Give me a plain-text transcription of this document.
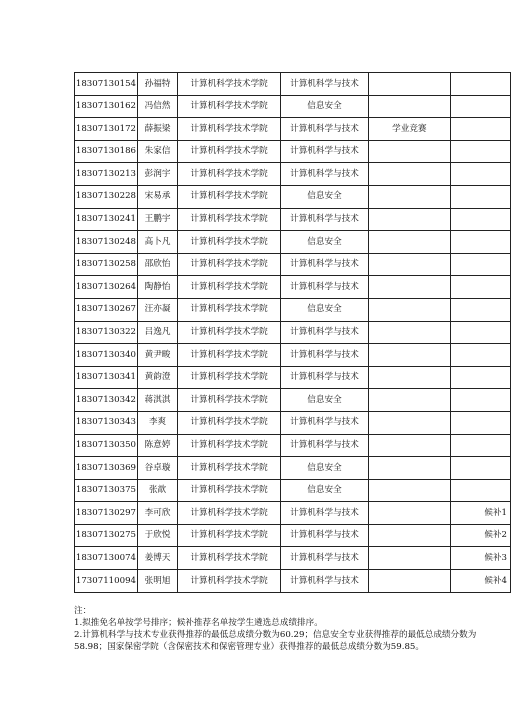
18307130154	孙福特	计算机科学技术学院	计算机科学与技术		
18307130162	冯信然	计算机科学技术学院	信息安全		
18307130172	薛振梁	计算机科学技术学院	计算机科学与技术	学业竞赛	
18307130186	朱家信	计算机科学技术学院	计算机科学与技术		
18307130213	彭润宇	计算机科学技术学院	计算机科学与技术		
18307130228	宋易承	计算机科学技术学院	信息安全		
18307130241	王鹏宇	计算机科学技术学院	计算机科学与技术		
18307130248	高卜凡	计算机科学技术学院	信息安全		
18307130258	邵欣怡	计算机科学技术学院	计算机科学与技术		
18307130264	陶静怡	计算机科学技术学院	计算机科学与技术		
18307130267	汪亦凝	计算机科学技术学院	信息安全		
18307130322	吕逸凡	计算机科学技术学院	计算机科学与技术		
18307130340	黄尹畯	计算机科学技术学院	计算机科学与技术		
18307130341	黄韵澄	计算机科学技术学院	计算机科学与技术		
18307130342	蒋淇淇	计算机科学技术学院	信息安全		
18307130343	李爽	计算机科学技术学院	计算机科学与技术		
18307130350	陈意婷	计算机科学技术学院	计算机科学与技术		
18307130369	谷卓璇	计算机科学技术学院	信息安全		
18307130375	张歆	计算机科学技术学院	信息安全		
18307130297	李可欣	计算机科学技术学院	计算机科学与技术		候补1
18307130275	于欣悦	计算机科学技术学院	计算机科学与技术		候补2
18307130074	姜博天	计算机科学技术学院	计算机科学与技术		候补3
17307110094	张明旭	计算机科学技术学院	计算机科学与技术		候补4
注：
1.拟推免名单按学号排序；候补推荐名单按学生遴选总成绩排序。
2.计算机科学与技术专业获得推荐的最低总成绩分数为60.29；信息安全专业获得推荐的最低总成绩分数为
58.98；国家保密学院（含保密技术和保密管理专业）获得推荐的最低总成绩分数为59.85。
